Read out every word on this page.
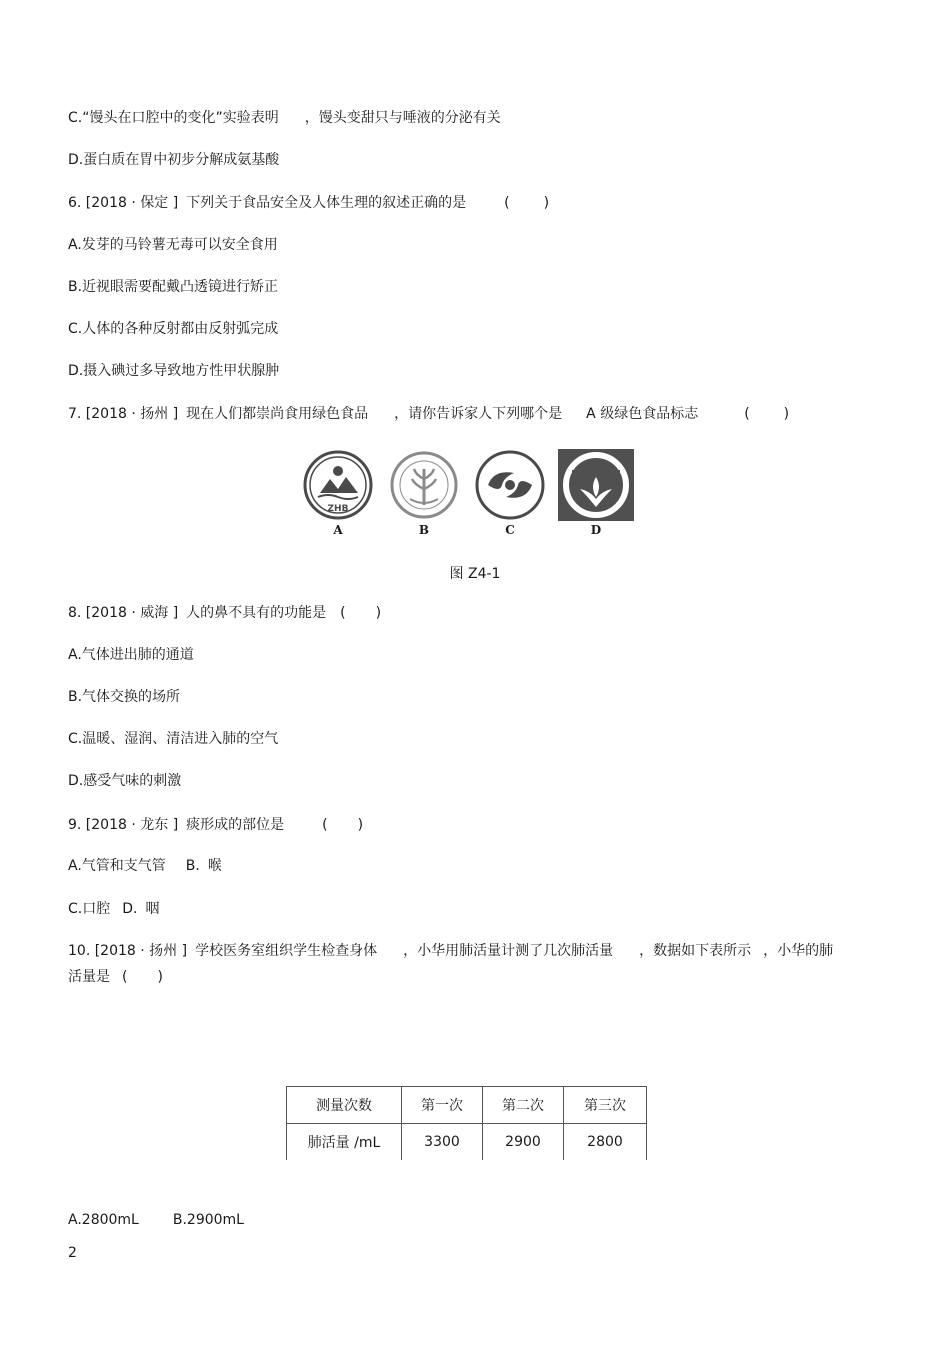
C.“馒头在口腔中的变化”实验表明 ，馒头变甜只与唾液的分泌有关
D.蛋白质在胃中初步分解成氨基酸
6. [2018 · 保定 ] 下列关于食品安全及人体生理的叙述正确的是	( )
A.发芽的马铃薯无毒可以安全食用
B.近视眼需要配戴凸透镜进行矫正
C.人体的各种反射都由反射弧完成
D.摄入碘过多导致地方性甲状腺肿
7. [2018 · 扬州 ] 现在人们都崇尚食用绿色食品 ，请你告诉家人下列哪个是 A 级绿色食品标志	( )
8. [2018 · 威海 ] 人的鼻不具有的功能是 ( )
A.气体进出肺的通道
B.气体交换的场所
C.温暖、湿润、清洁进入肺的空气
D.感受气味的刺激
9. [2018 · 龙东 ] 痰形成的部位是	( )
A.气管和支气管 B. 喉
C.口腔 D. 咽
10. [2018 · 扬州 ] 学校医务室组织学生检查身体 ，小华用肺活量计测了几次肺活量 ，数据如下表所示 ，小华的肺
活量是 ( )
A.2800mL B.2900mL
ZHB
A	B	C	D
图 Z4-1
测量次数	第一次	第二次	第三次
肺活量 /mL	3300	2900	2800
2
